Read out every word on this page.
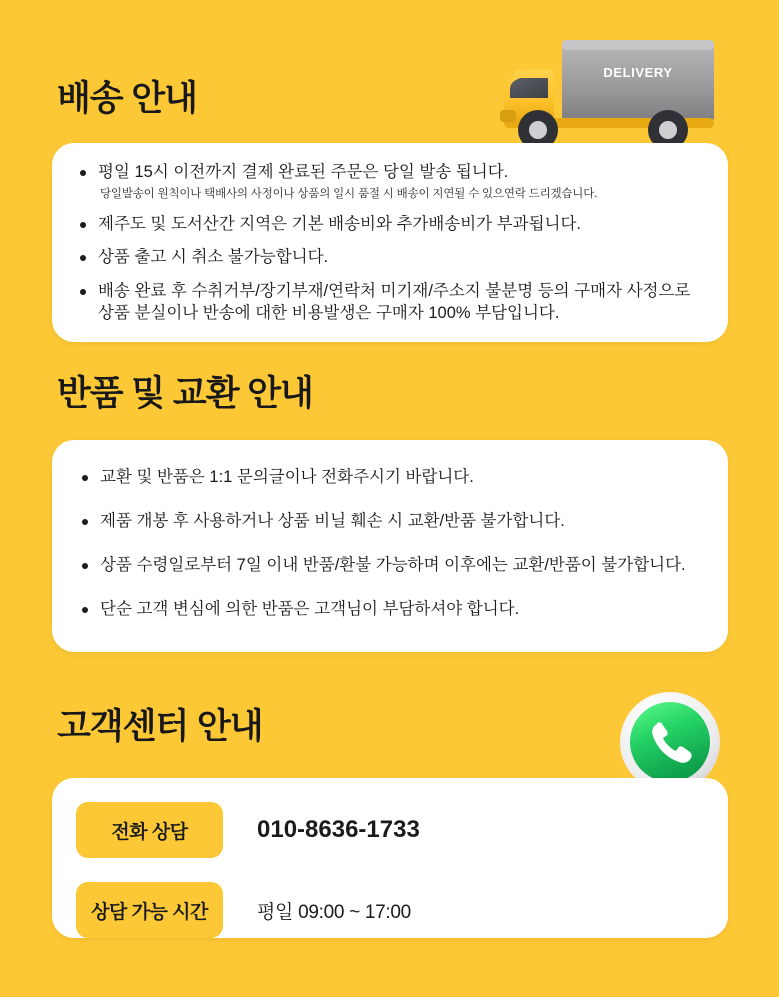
배송 안내
DELIVERY
평일 15시 이전까지 결제 완료된 주문은 당일 발송 됩니다.
당일발송이 원칙이나 택배사의 사정이나 상품의 일시 품절 시 배송이 지연될 수 있으연락 드리겠습니다.
제주도 및 도서산간 지역은 기본 배송비와 추가배송비가 부과됩니다.
상품 출고 시 취소 불가능합니다.
배송 완료 후 수취거부/장기부재/연락처 미기재/주소지 불분명 등의 구매자 사정으로 상품 분실이나 반송에 대한 비용발생은 구매자 100% 부담입니다.
반품 및 교환 안내
교환 및 반품은 1:1 문의글이나 전화주시기 바랍니다.
제품 개봉 후 사용하거나 상품 비닐 훼손 시 교환/반품 불가합니다.
상품 수령일로부터 7일 이내 반품/환불 가능하며 이후에는 교환/반품이 불가합니다.
단순 고객 변심에 의한 반품은 고객님이 부담하셔야 합니다.
고객센터 안내
전화 상담	010-8636-1733
상담 가능 시간	평일 09:00 ~ 17:00
